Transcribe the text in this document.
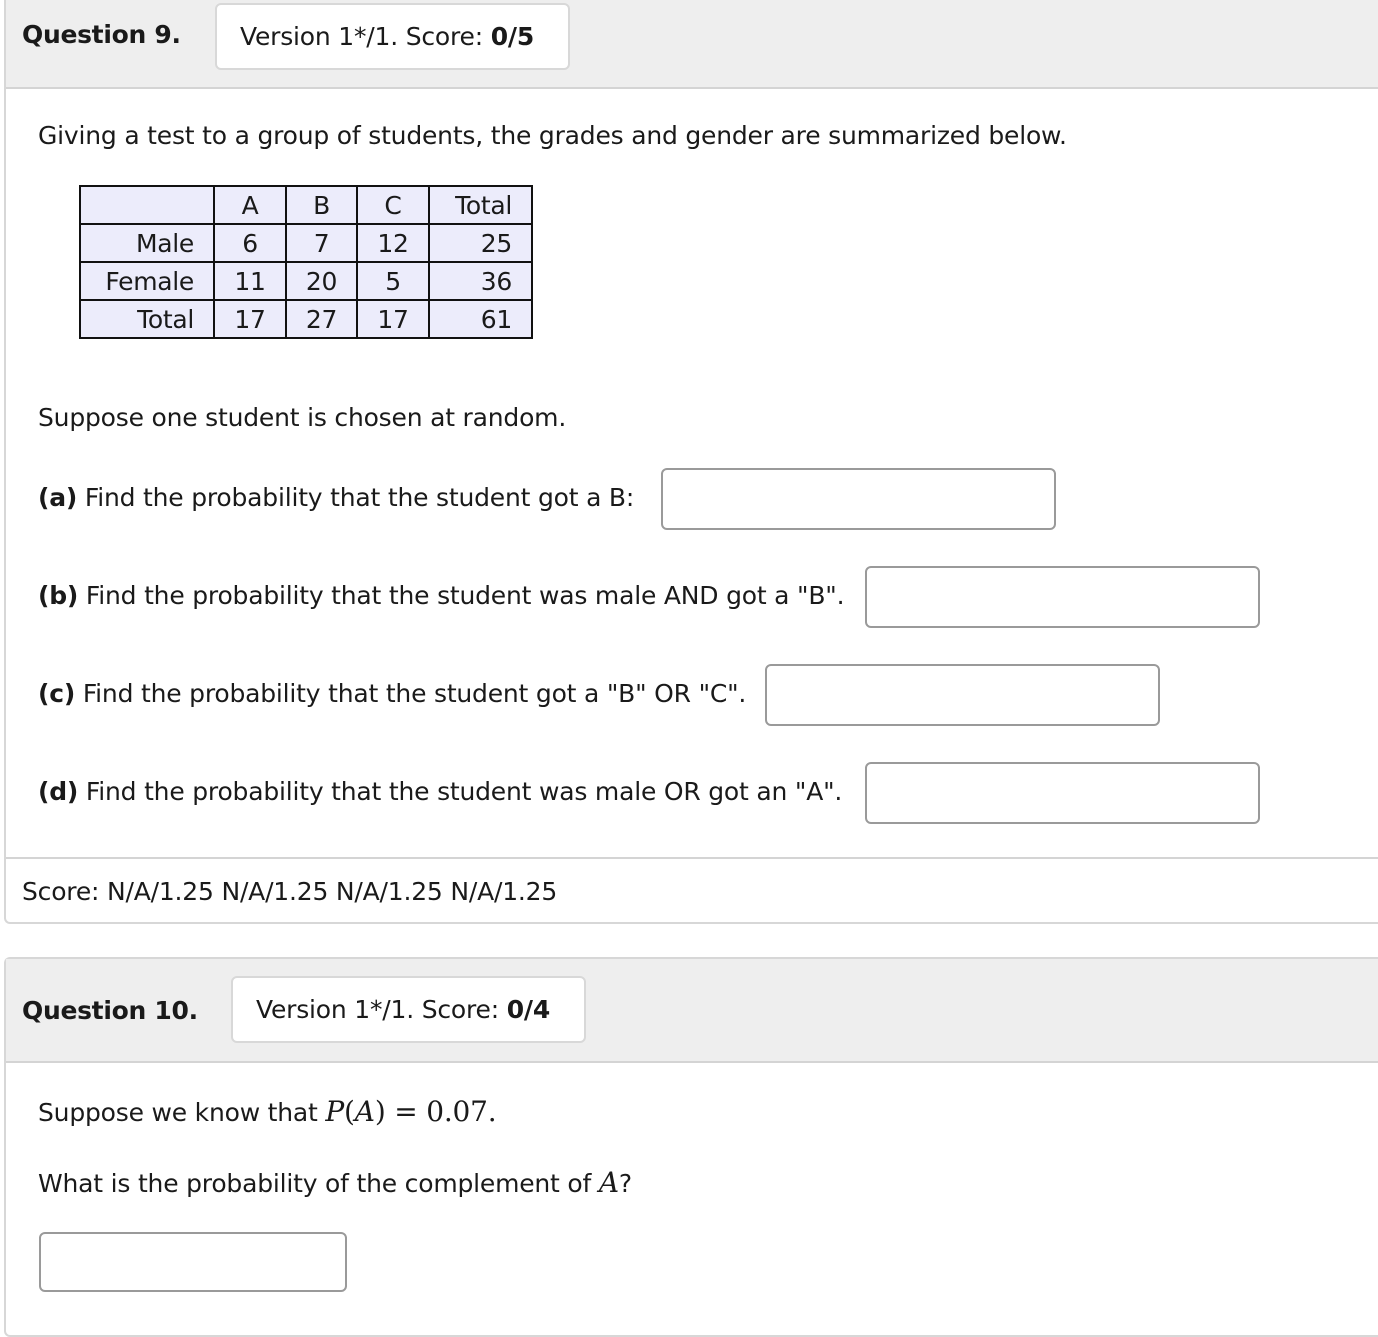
Question 9.	Version 1*/1. Score: 0/5
Giving a test to a group of students, the grades and gender are summarized below.
	A	B	C	Total
Male	6	7	12	25
Female	11	20	5	36
Total	17	27	17	61
Suppose one student is chosen at random.
(a) Find the probability that the student got a B:
(b) Find the probability that the student was male AND got a "B".
(c) Find the probability that the student got a "B" OR "C".
(d) Find the probability that the student was male OR got an "A".
Score: N/A/1.25 N/A/1.25 N/A/1.25 N/A/1.25
Question 10.	Version 1*/1. Score: 0/4
Suppose we know that P(A) = 0.07.
What is the probability of the complement of A?
